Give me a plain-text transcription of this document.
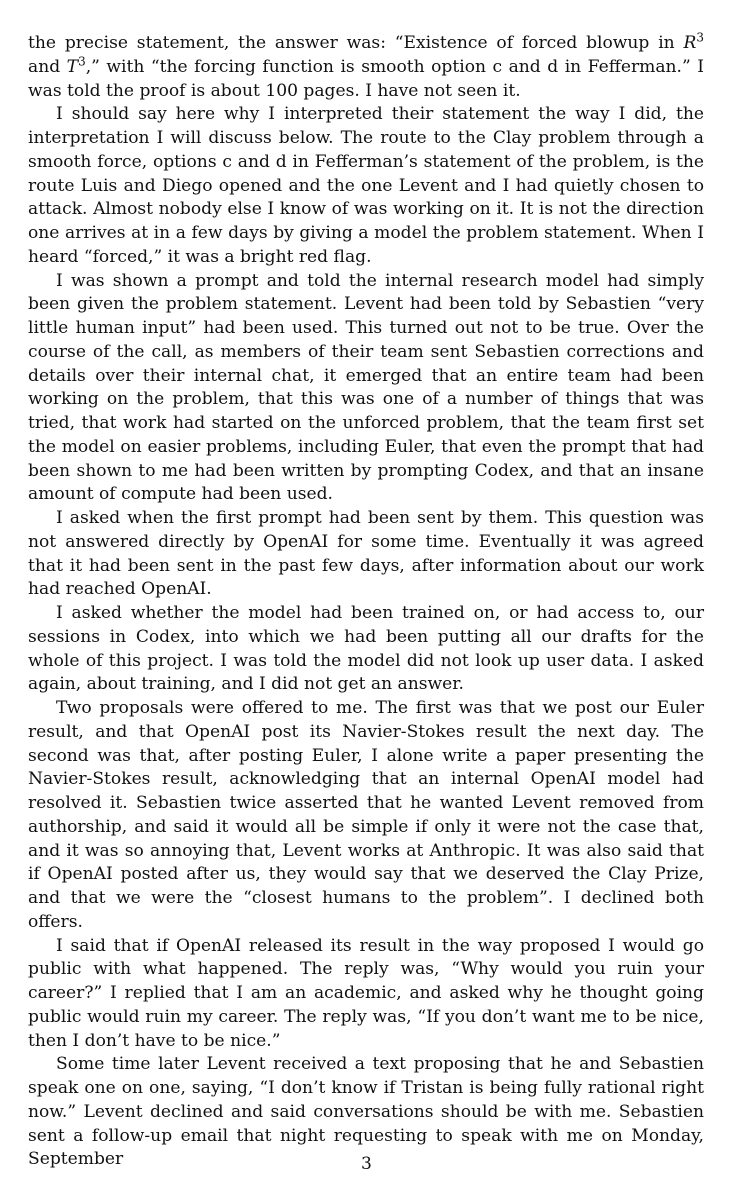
the precise statement, the answer was: “Existence of forced blowup in $R^3$ and $T^3$,” with “the forcing function is smooth option c and d in Fefferman.” I was told the proof is about 100 pages. I have not seen it.

I should say here why I interpreted their statement the way I did, the interpretation I will discuss below. The route to the Clay problem through a smooth force, options c and d in Fefferman’s statement of the problem, is the route Luis and Diego opened and the one Levent and I had quietly chosen to attack. Almost nobody else I know of was working on it. It is not the direction one arrives at in a few days by giving a model the problem statement. When I heard “forced,” it was a bright red flag.

I was shown a prompt and told the internal research model had simply been given the problem statement. Levent had been told by Sebastien “very little human input” had been used. This turned out not to be true. Over the course of the call, as members of their team sent Sebastien corrections and details over their internal chat, it emerged that an entire team had been working on the problem, that this was one of a number of things that was tried, that work had started on the unforced problem, that the team first set the model on easier problems, including Euler, that even the prompt that had been shown to me had been written by prompting Codex, and that an insane amount of compute had been used.

I asked when the first prompt had been sent by them. This question was not answered directly by OpenAI for some time. Eventually it was agreed that it had been sent in the past few days, after information about our work had reached OpenAI.

I asked whether the model had been trained on, or had access to, our sessions in Codex, into which we had been putting all our drafts for the whole of this project. I was told the model did not look up user data. I asked again, about training, and I did not get an answer.

Two proposals were offered to me. The first was that we post our Euler result, and that OpenAI post its Navier-Stokes result the next day. The second was that, after posting Euler, I alone write a paper presenting the Navier-Stokes result, acknowledging that an internal OpenAI model had resolved it. Sebastien twice asserted that he wanted Levent removed from authorship, and said it would all be simple if only it were not the case that, and it was so annoying that, Levent works at Anthropic. It was also said that if OpenAI posted after us, they would say that we deserved the Clay Prize, and that we were the “closest humans to the problem”. I declined both offers.

I said that if OpenAI released its result in the way proposed I would go public with what happened. The reply was, “Why would you ruin your career?” I replied that I am an academic, and asked why he thought going public would ruin my career. The reply was, “If you don’t want me to be nice, then I don’t have to be nice.”

Some time later Levent received a text proposing that he and Sebastien speak one on one, saying, “I don’t know if Tristan is being fully rational right now.” Levent declined and said conversations should be with me. Sebastien sent a follow-up email that night requesting to speak with me on Monday, September	3
